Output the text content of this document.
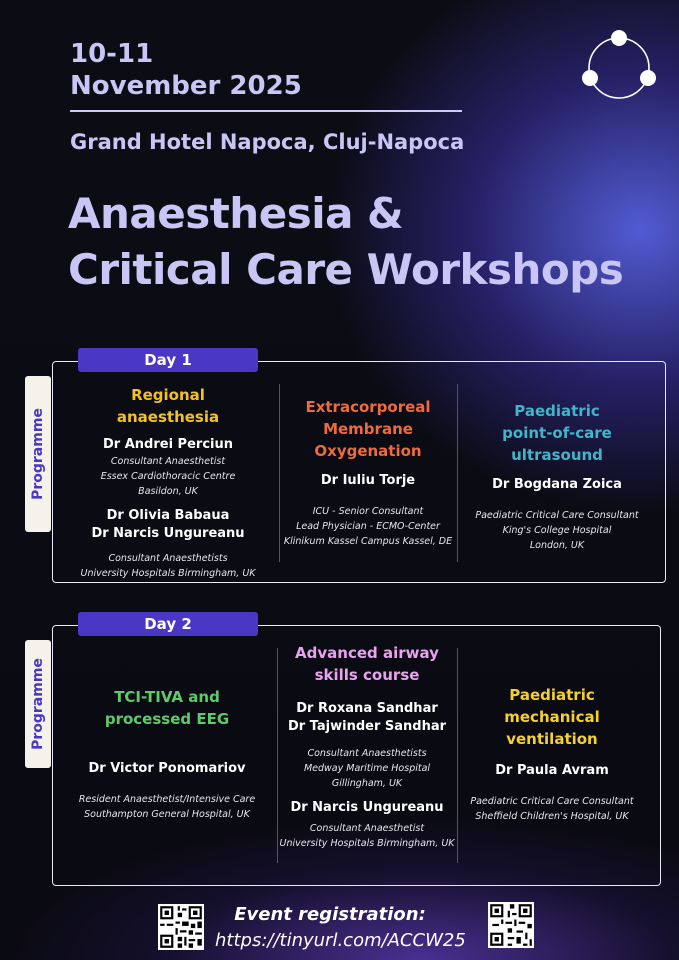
10-11
November 2025
Grand Hotel Napoca, Cluj-Napoca
Anaesthesia &
Critical Care Workshops
Day 1
Programme
Regional anaesthesia
Dr Andrei Perciun
Consultant Anaesthetist
Essex Cardiothoracic Centre
Basildon, UK
Dr Olivia Babaua
Dr Narcis Ungureanu
Consultant Anaesthetists
University Hospitals Birmingham, UK
Extracorporeal
Membrane
Oxygenation
Dr Iuliu Torje
ICU - Senior Consultant
Lead Physician - ECMO-Center
Klinikum Kassel Campus Kassel, DE
Paediatric
point-of-care
ultrasound
Dr Bogdana Zoica
Paediatric Critical Care Consultant
King's College Hospital
London, UK
Day 2
Programme	TCI-TIVA and
processed EEG
Dr Victor Ponomariov
Resident Anaesthetist/Intensive Care
Southampton General Hospital, UK
Advanced airway
skills course
Dr Roxana Sandhar
Dr Tajwinder Sandhar
Consultant Anaesthetists
Medway Maritime Hospital
Gillingham, UK
Dr Narcis Ungureanu
Consultant Anaesthetist
University Hospitals Birmingham, UK
Paediatric
mechanical
ventilation
Dr Paula Avram
Paediatric Critical Care Consultant
Sheffield Children's Hospital, UK
Event registration:
https://tinyurl.com/ACCW25
